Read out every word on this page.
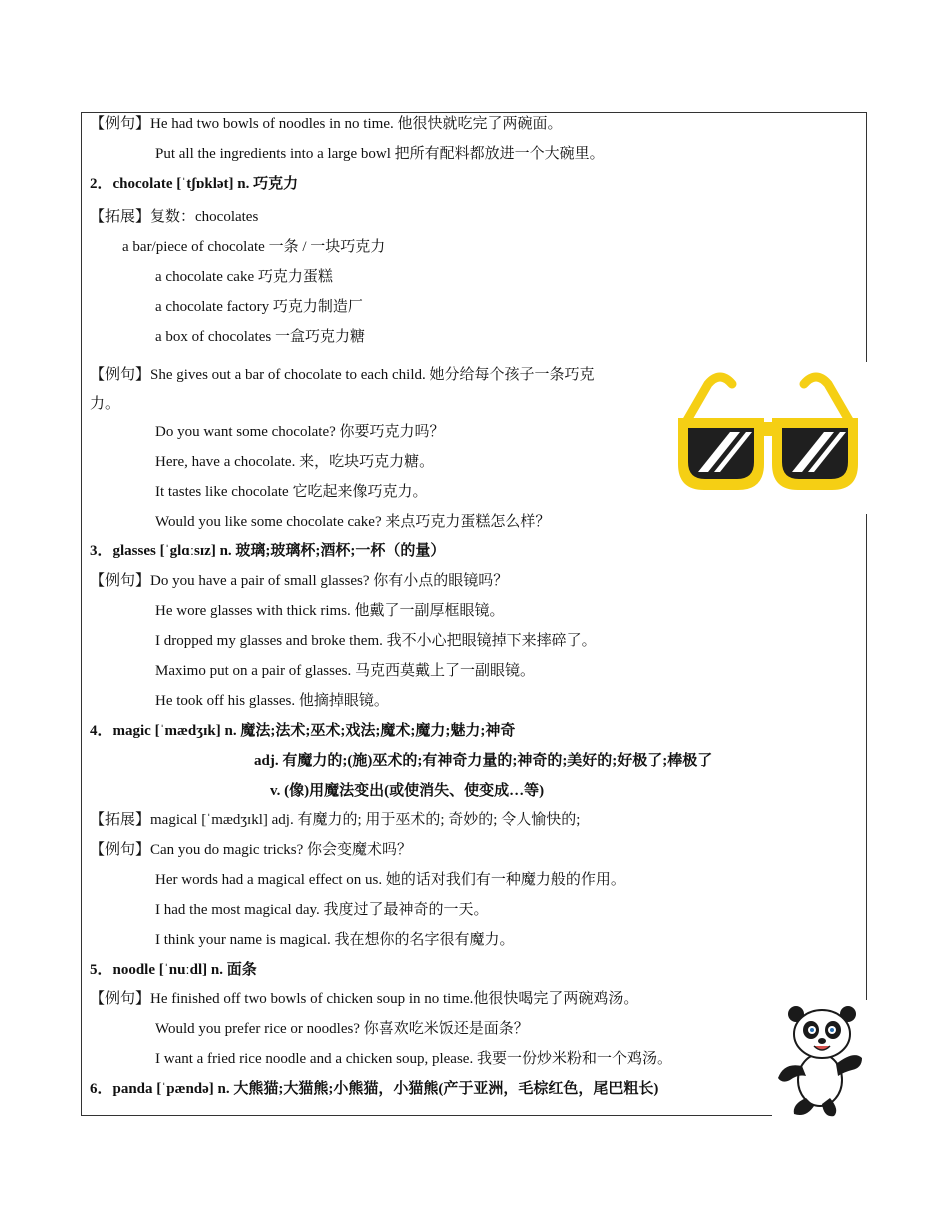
【例句】He had two bowls of noodles in no time. 他很快就吃完了两碗面。
Put all the ingredients into a large bowl 把所有配料都放进一个大碗里。
2．chocolate [ˈtʃɒklət] n. 巧克力
【拓展】复数：chocolates
a bar/piece of chocolate 一条 / 一块巧克力
a chocolate cake 巧克力蛋糕
a chocolate factory 巧克力制造厂
a box of chocolates 一盒巧克力糖
【例句】She gives out a bar of chocolate to each child. 她分给每个孩子一条巧克
力。
Do you want some chocolate? 你要巧克力吗？
Here, have a chocolate. 来，吃块巧克力糖。
It tastes like chocolate 它吃起来像巧克力。
Would you like some chocolate cake? 来点巧克力蛋糕怎么样？
3．glasses [ˈglɑːsɪz] n. 玻璃;玻璃杯;酒杯;一杯（的量）
【例句】Do you have a pair of small glasses? 你有小点的眼镜吗？
He wore glasses with thick rims. 他戴了一副厚框眼镜。
I dropped my glasses and broke them. 我不小心把眼镜掉下来摔碎了。
Maximo put on a pair of glasses. 马克西莫戴上了一副眼镜。
He took off his glasses. 他摘掉眼镜。
4．magic [ˈmædʒɪk] n. 魔法;法术;巫术;戏法;魔术;魔力;魅力;神奇
adj. 有魔力的;(施)巫术的;有神奇力量的;神奇的;美好的;好极了;棒极了
v. (像)用魔法变出(或使消失、使变成…等)
【拓展】magical [ˈmædʒɪkl] adj. 有魔力的; 用于巫术的; 奇妙的; 令人愉快的;
【例句】Can you do magic tricks? 你会变魔术吗？
Her words had a magical effect on us. 她的话对我们有一种魔力般的作用。
I had the most magical day. 我度过了最神奇的一天。
I think your name is magical. 我在想你的名字很有魔力。
5．noodle [ˈnuːdl] n. 面条
【例句】He finished off two bowls of chicken soup in no time.他很快喝完了两碗鸡汤。
Would you prefer rice or noodles? 你喜欢吃米饭还是面条？
I want a fried rice noodle and a chicken soup, please. 我要一份炒米粉和一个鸡汤。
6．panda [ˈpændə] n. 大熊猫;大猫熊;小熊猫，小猫熊(产于亚洲，毛棕红色，尾巴粗长)
